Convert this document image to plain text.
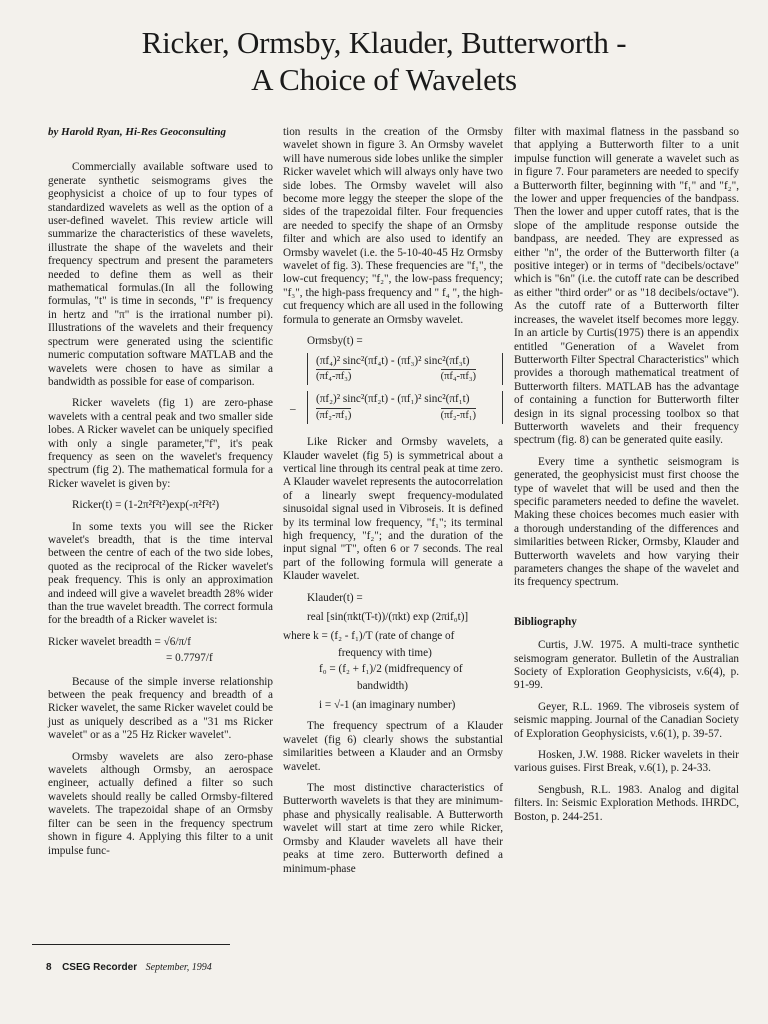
Ricker, Ormsby, Klauder, Butterworth -
A Choice of Wavelets
by Harold Ryan, Hi-Res Geoconsulting

Commercially available software used to generate synthetic seismograms gives the geophysicist a choice of up to four types of standardized wavelets as well as the option of a user-defined wavelet. This review article will summarize the characteristics of these wavelets, illustrate the shape of the wavelets and their frequency spectrum and present the parameters needed to define them as well as their mathematical formulas.(In all the following formulas, "t" is time in seconds, "f" is frequency in hertz and "π" is the irrational number pi). Illustrations of the wavelets and their frequency spectrum were generated using the scientific numeric computation software MATLAB and the wavelets were chosen to have as similar a bandwidth as possible for ease of comparison.

Ricker wavelets (fig 1) are zero-phase wavelets with a central peak and two smaller side lobes. A Ricker wavelet can be uniquely specified with only a single parameter,"f", it's peak frequency as seen on the wavelet's frequency spectrum (fig 2). The mathematical formula for a Ricker wavelet is given by:

Ricker(t) = (1-2π²f²t²)exp(-π²f²t²)

In some texts you will see the Ricker wavelet's breadth, that is the time interval between the centre of each of the two side lobes, quoted as the reciprocal of the Ricker wavelet's peak frequency. This is only an approximation and indeed will give a wavelet breadth 28% wider than the true wavelet breadth. The correct formula for the breadth of a Ricker wavelet is:

Ricker wavelet breadth = √6/π/f
= 0.7797/f

Because of the simple inverse relationship between the peak frequency and breadth of a Ricker wavelet, the same Ricker wavelet could be just as uniquely described as a "31 ms Ricker wavelet" or as a "25 Hz Ricker wavelet".

Ormsby wavelets are also zero-phase wavelets although Ormsby, an aerospace engineer, actually defined a filter so such wavelets should really be called Ormsby-filtered wavelets. The trapezoidal shape of an Ormsby filter can be seen in the frequency spectrum shown in figure 4. Applying this filter to a unit impulse func-

tion results in the creation of the Ormsby wavelet shown in figure 3. An Ormsby wavelet will have numerous side lobes unlike the simpler Ricker wavelet which will always only have two side lobes. The Ormsby wavelet will also become more leggy the steeper the slope of the sides of the trapezoidal filter. Four frequencies are needed to specify the shape of an Ormsby filter and which are also used to identify an Ormsby wavelet (i.e. the 5-10-40-45 Hz Ormsby wavelet of fig. 3). These frequencies are "f₁", the low-cut frequency; "f₂", the low-pass frequency; "f₃", the high-pass frequency and " f₄ ", the high-cut frequency which are all used in the following formula to generate an Ormsby wavelet.

Ormsby(t) =
(πf₄)² sinc²(πf₄t) - (πf₃)² sinc²(πf₃t)
(πf₄-πf₃)	(πf₄-πf₃)
–
(πf₂)² sinc²(πf₂t) - (πf₁)² sinc²(πf₁t)
(πf₂-πf₁)	(πf₂-πf₁)

Like Ricker and Ormsby wavelets, a Klauder wavelet (fig 5) is symmetrical about a vertical line through its central peak at time zero. A Klauder wavelet represents the autocorrelation of a linearly swept frequency-modulated sinusoidal signal used in Vibroseis. It is defined by its terminal low frequency, "f₁"; its terminal high frequency, "f₂"; and the duration of the input signal "T", often 6 or 7 seconds. The real part of the following formula will generate a Klauder wavelet.

Klauder(t) =
real [sin(πkt(T-t))/(πkt) exp (2πif₀t)]
where k = (f₂ - f₁)/T (rate of change of
frequency with time)
f₀ = (f₂ + f₁)/2 (midfrequency of
bandwidth)
i = √-1 (an imaginary number)

The frequency spectrum of a Klauder wavelet (fig 6) clearly shows the substantial similarities between a Klauder and an Ormsby wavelet.

The most distinctive characteristics of Butterworth wavelets is that they are minimum-phase and physically realisable. A Butterworth wavelet will start at time zero while Ricker, Ormsby and Klauder wavelets all have their peaks at time zero. Butterworth defined a minimum-phase

filter with maximal flatness in the passband so that applying a Butterworth filter to a unit impulse function will generate a wavelet such as in figure 7. Four parameters are needed to specify a Butterworth filter, beginning with "f₁" and "f₂", the lower and upper frequencies of the bandpass. Then the lower and upper cutoff rates, that is the slope of the amplitude response outside the bandpass, are needed. They are expressed as either "n", the order of the Butterworth filter (a positive integer) or in terms of "decibels/octave" which is "6n" (i.e. the cutoff rate can be described as either "third order" or as "18 decibels/octave"). As the cutoff rate of a Butterworth filter increases, the wavelet itself becomes more leggy. In an article by Curtis(1975) there is an appendix entitled "Generation of a Wavelet from Butterworth Filter Spectral Characteristics" which provides a thorough mathematical treatment of Butterworth filters. MATLAB has the advantage of containing a function for Butterworth filter design in its signal processing toolbox so that Butterworth wavelets and their frequency spectrum (fig. 8) can be generated quite easily.

Every time a synthetic seismogram is generated, the geophysicist must first choose the type of wavelet that will be used and then the specific parameters needed to define the wavelet. Making these choices becomes much easier with a thorough understanding of the differences and similarities between Ricker, Ormsby, Klauder and Butterworth wavelets and how varying their parameters changes the shape of the wavelet and its frequency spectrum.

Bibliography

Curtis, J.W. 1975. A multi-trace synthetic seismogram generator. Bulletin of the Australian Society of Exploration Geophysicists, v.6(4), p. 91-99.

Geyer, R.L. 1969. The vibroseis system of seismic mapping. Journal of the Canadian Society of Exploration Geophysicists, v.6(1), p. 39-57.

Hosken, J.W. 1988. Ricker wavelets in their various guises. First Break, v.6(1), p. 24-33.

Sengbush, R.L. 1983. Analog and digital filters. In: Seismic Exploration Methods. IHRDC, Boston, p. 244-251.

8 CSEG Recorder September, 1994
